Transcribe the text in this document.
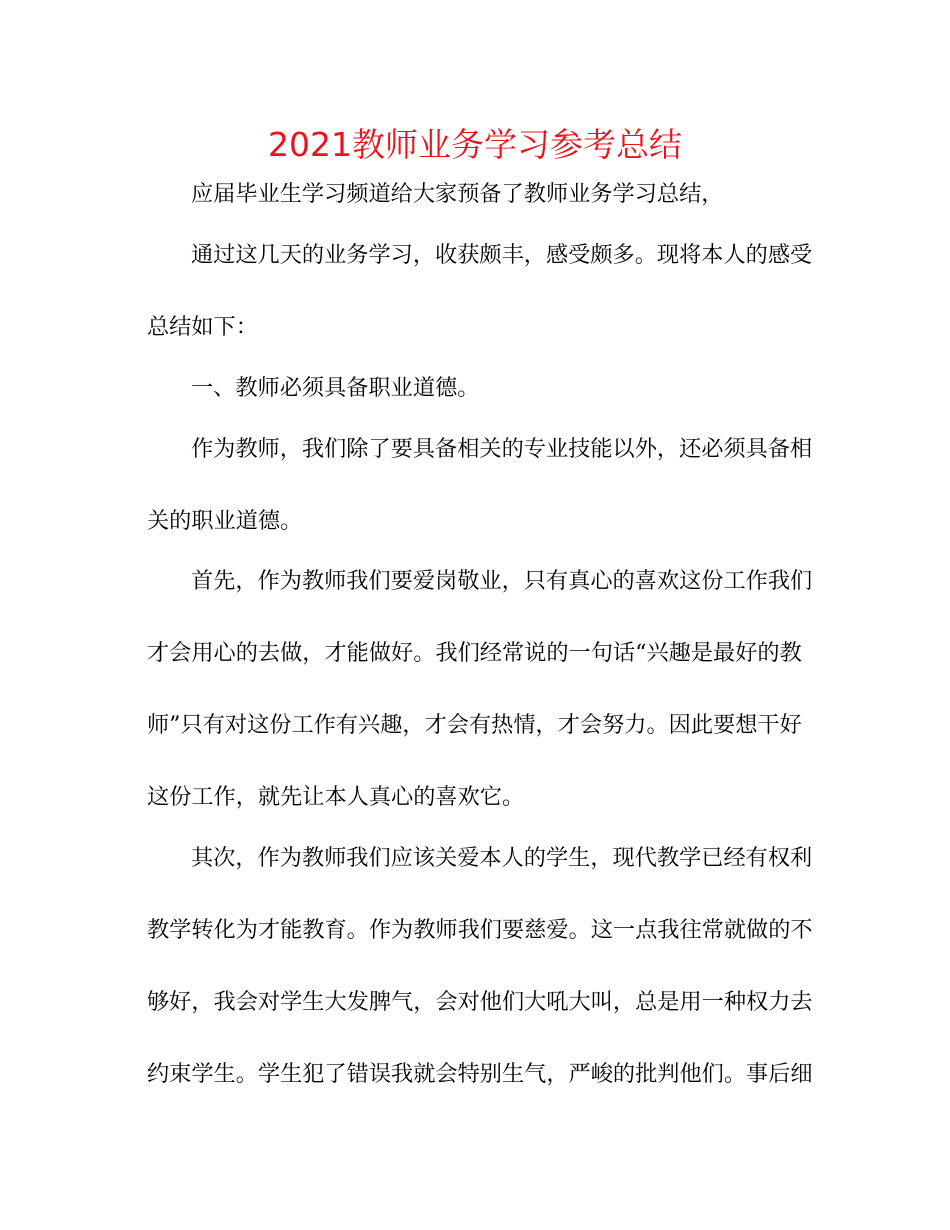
2021教师业务学习参考总结
应届毕业生学习频道给大家预备了教师业务学习总结，
通过这几天的业务学习，收获颇丰，感受颇多。现将本人的感受
总结如下：
一、教师必须具备职业道德。
作为教师，我们除了要具备相关的专业技能以外，还必须具备相
关的职业道德。
首先，作为教师我们要爱岗敬业，只有真心的喜欢这份工作我们
才会用心的去做，才能做好。我们经常说的一句话“兴趣是最好的教
师”只有对这份工作有兴趣，才会有热情，才会努力。因此要想干好
这份工作，就先让本人真心的喜欢它。
其次，作为教师我们应该关爱本人的学生，现代教学已经有权利
教学转化为才能教育。作为教师我们要慈爱。这一点我往常就做的不
够好，我会对学生大发脾气，会对他们大吼大叫，总是用一种权力去
约束学生。学生犯了错误我就会特别生气，严峻的批判他们。事后细
